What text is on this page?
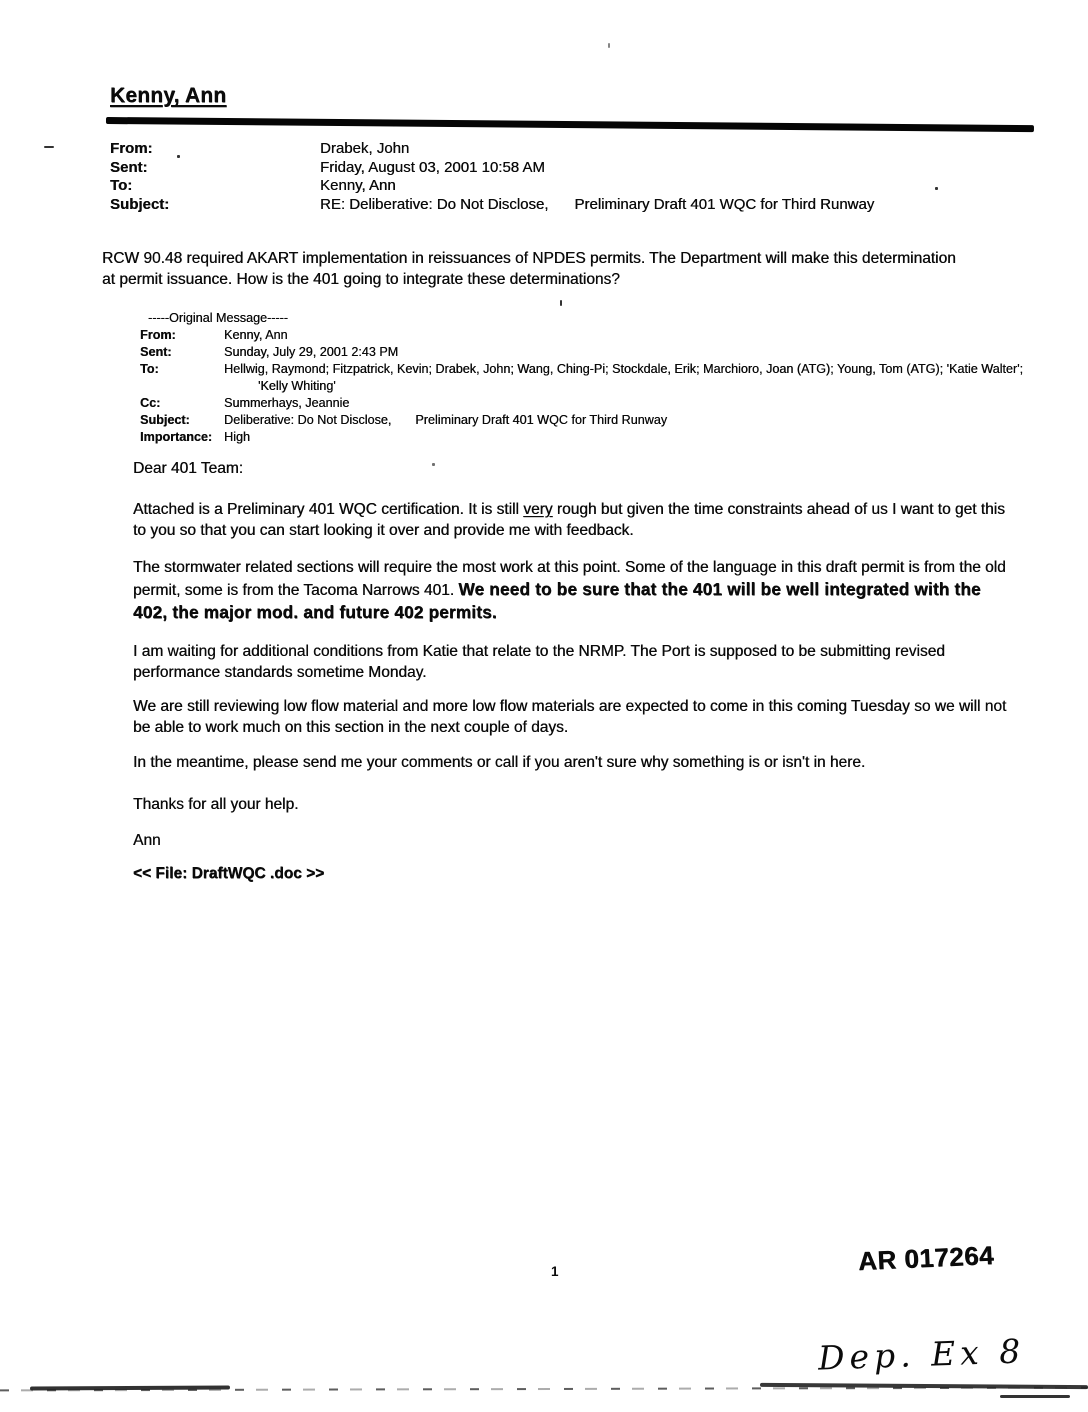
Kenny, Ann
From:	Drabek, John
Sent:	Friday, August 03, 2001 10:58 AM
To:	Kenny, Ann
Subject:	RE: Deliberative: Do Not Disclose, Preliminary Draft 401 WQC for Third Runway
RCW 90.48 required AKART implementation in reissuances of NPDES permits. The Department will make this determination at permit issuance. How is the 401 going to integrate these determinations?
-----Original Message-----
From:	Kenny, Ann
Sent:	Sunday, July 29, 2001 2:43 PM
To:	Hellwig, Raymond; Fitzpatrick, Kevin; Drabek, John; Wang, Ching-Pi; Stockdale, Erik; Marchioro, Joan (ATG); Young, Tom (ATG); 'Katie Walter'; 'Kelly Whiting'
Cc:	Summerhays, Jeannie
Subject:	Deliberative: Do Not Disclose, Preliminary Draft 401 WQC for Third Runway
Importance: High
Dear 401 Team:
Attached is a Preliminary 401 WQC certification. It is still very rough but given the time constraints ahead of us I want to get this to you so that you can start looking it over and provide me with feedback.
The stormwater related sections will require the most work at this point. Some of the language in this draft permit is from the old permit, some is from the Tacoma Narrows 401. We need to be sure that the 401 will be well integrated with the 402, the major mod. and future 402 permits.
I am waiting for additional conditions from Katie that relate to the NRMP. The Port is supposed to be submitting revised performance standards sometime Monday.
We are still reviewing low flow material and more low flow materials are expected to come in this coming Tuesday so we will not be able to work much on this section in the next couple of days.
In the meantime, please send me your comments or call if you aren't sure why something is or isn't in here.
Thanks for all your help.
Ann
<< File: DraftWQC .doc >>
1	AR 017264
Dep. Ex 8
